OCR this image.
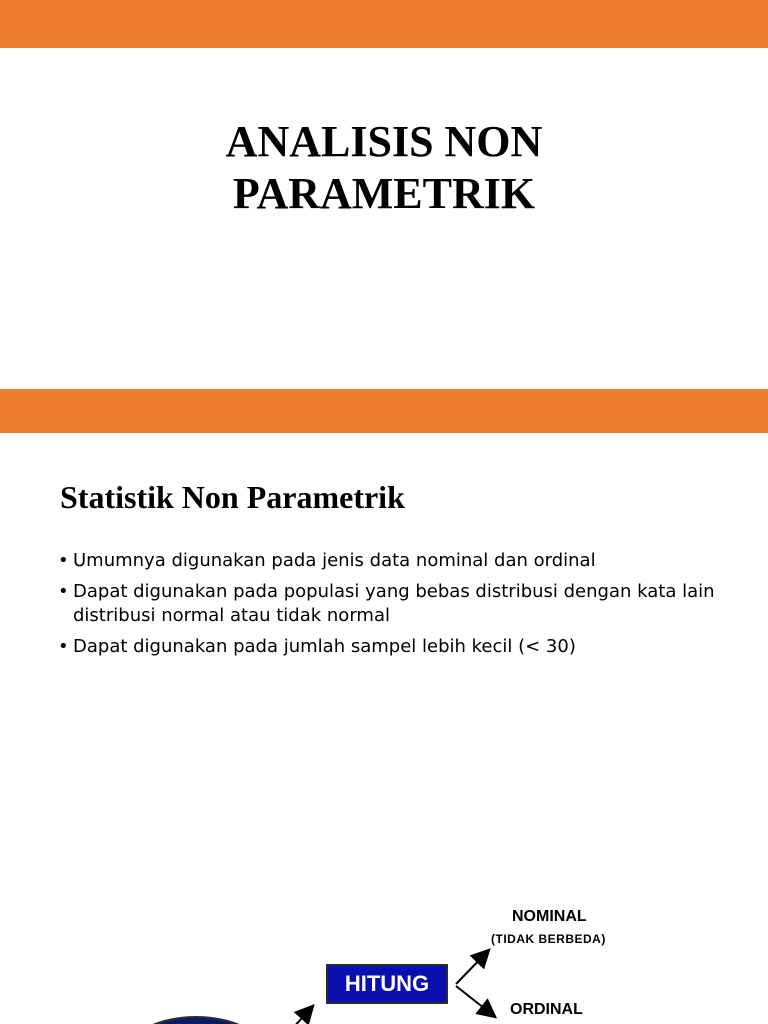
ANALISIS NON
PARAMETRIK
Statistik Non Parametrik
• Umumnya digunakan pada jenis data nominal dan ordinal
• Dapat digunakan pada populasi yang bebas distribusi dengan kata lain distribusi normal atau tidak normal
• Dapat digunakan pada jumlah sampel lebih kecil (< 30)
HITUNG
NOMINAL
(TIDAK BERBEDA)
ORDINAL
